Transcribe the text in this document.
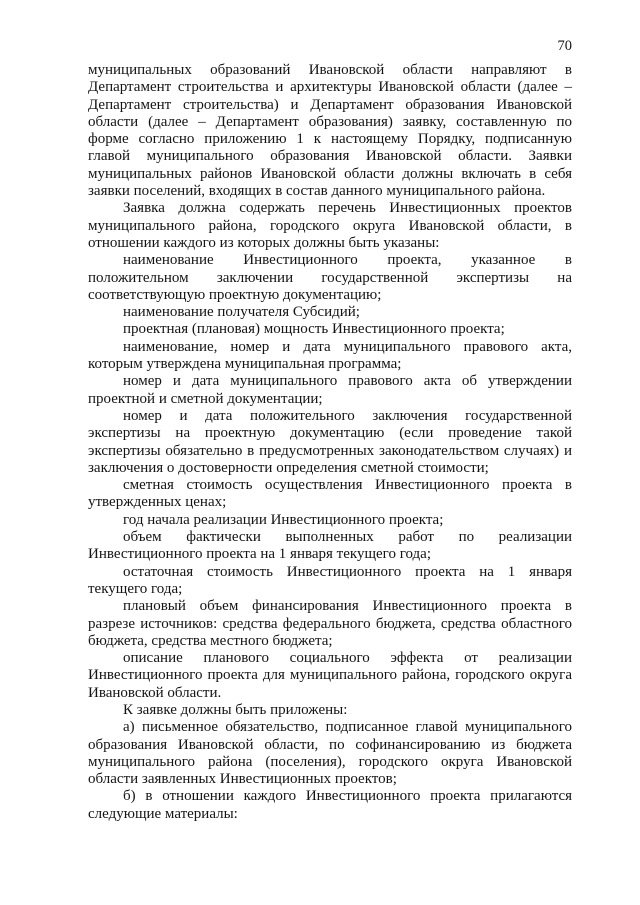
70
муниципальных образований Ивановской области направляют в
Департамент строительства и архитектуры Ивановской области (далее –
Департамент строительства) и Департамент образования Ивановской
области (далее – Департамент образования) заявку, составленную по
форме согласно приложению 1 к настоящему Порядку, подписанную
главой муниципального образования Ивановской области. Заявки
муниципальных районов Ивановской области должны включать в себя
заявки поселений, входящих в состав данного муниципального района.
Заявка должна содержать перечень Инвестиционных проектов
муниципального района, городского округа Ивановской области, в
отношении каждого из которых должны быть указаны:
наименование Инвестиционного проекта, указанное в
положительном заключении государственной экспертизы на
соответствующую проектную документацию;
наименование получателя Субсидий;
проектная (плановая) мощность Инвестиционного проекта;
наименование, номер и дата муниципального правового акта,
которым утверждена муниципальная программа;
номер и дата муниципального правового акта об утверждении
проектной и сметной документации;
номер и дата положительного заключения государственной
экспертизы на проектную документацию (если проведение такой
экспертизы обязательно в предусмотренных законодательством случаях) и
заключения о достоверности определения сметной стоимости;
сметная стоимость осуществления Инвестиционного проекта в
утвержденных ценах;
год начала реализации Инвестиционного проекта;
объем фактически выполненных работ по реализации
Инвестиционного проекта на 1 января текущего года;
остаточная стоимость Инвестиционного проекта на 1 января
текущего года;
плановый объем финансирования Инвестиционного проекта в
разрезе источников: средства федерального бюджета, средства областного
бюджета, средства местного бюджета;
описание планового социального эффекта от реализации
Инвестиционного проекта для муниципального района, городского округа
Ивановской области.
К заявке должны быть приложены:
а) письменное обязательство, подписанное главой муниципального
образования Ивановской области, по софинансированию из бюджета
муниципального района (поселения), городского округа Ивановской
области заявленных Инвестиционных проектов;
б) в отношении каждого Инвестиционного проекта прилагаются
следующие материалы:
